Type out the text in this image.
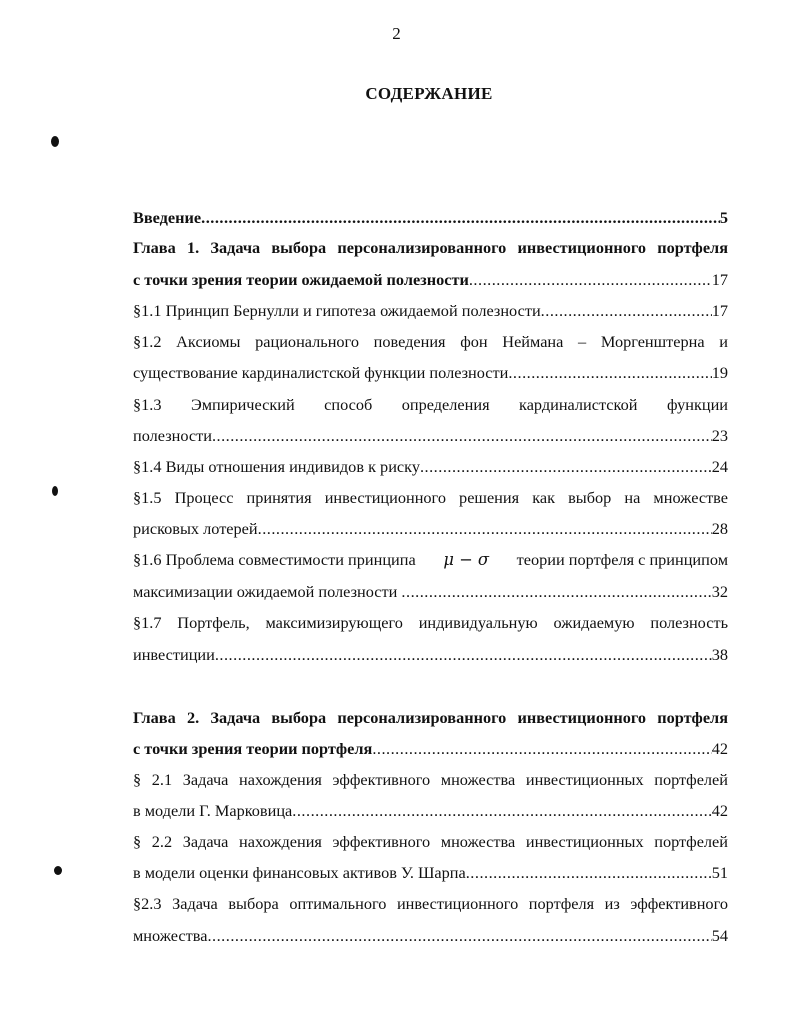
2
СОДЕРЖАНИЕ
Введение .....	5
Глава 1. Задача выбора персонализированного инвестиционного портфеля
с точки зрения теории ожидаемой полезности .....	17
§1.1 Принцип Бернулли и гипотеза ожидаемой полезности .....	17
§1.2 Аксиомы рационального поведения фон Неймана – Моргенштерна и
существование кардиналистской функции полезности .....	19
§1.3 Эмпирический способ определения кардиналистской функции
полезности .....	23
§1.4 Виды отношения индивидов к риску .....	24
§1.5 Процесс принятия инвестиционного решения как выбор на множестве
рисковых лотерей .....	28
§1.6 Проблема совместимости принципа μ − σ теории портфеля с принципом
максимизации ожидаемой полезности .....	32
§1.7 Портфель, максимизирующего индивидуальную ожидаемую полезность
инвестиции .....	38
Глава 2. Задача выбора персонализированного инвестиционного портфеля
с точки зрения теории портфеля .....	42
§ 2.1 Задача нахождения эффективного множества инвестиционных портфелей
в модели Г. Марковица .....	42
§ 2.2 Задача нахождения эффективного множества инвестиционных портфелей
в модели оценки финансовых активов У. Шарпа .....	51
§2.3 Задача выбора оптимального инвестиционного портфеля из эффективного
множества .....	54
